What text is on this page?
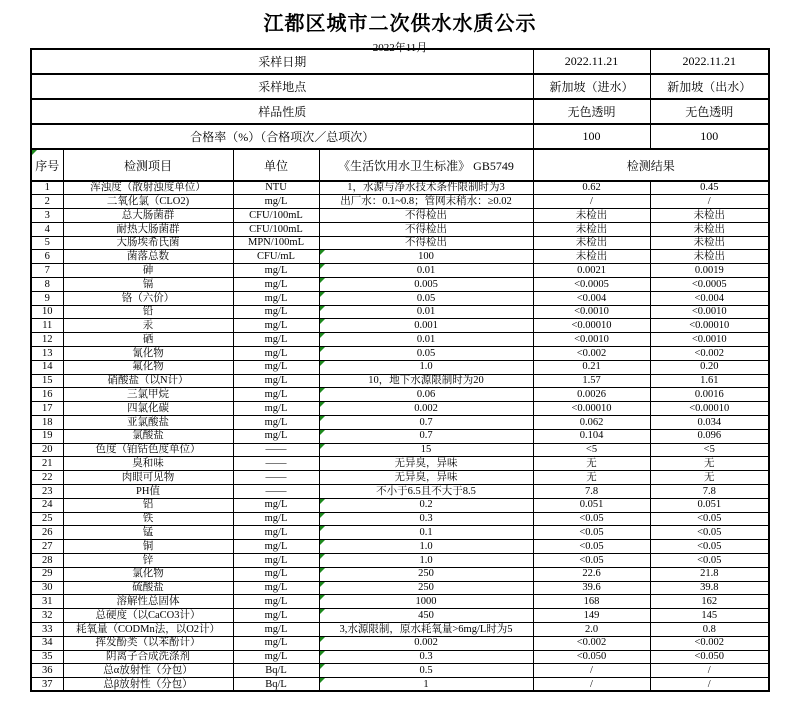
江都区城市二次供水水质公示
2022年11月
采样日期				2022.11.21	2022.11.21
采样地点				新加坡（进水）	新加坡（出水）
样品性质				无色透明	无色透明
合格率（%）（合格项次／总项次）				100	100

序号	检测项目	单位	《生活饮用水卫生标准》 GB5749	检测结果	
1	浑浊度（散射浊度单位）	NTU	1，水源与净水技术条件限制时为3	0.62	0.45
2	二氧化氯（CLO2)	mg/L	出厂水：0.1~0.8；管网末稍水：≥0.02	/	/
3	总大肠菌群	CFU/100mL	不得检出	未检出	未检出
4	耐热大肠菌群	CFU/100mL	不得检出	未检出	未检出
5	大肠埃希氏菌	MPN/100mL	不得检出	未检出	未检出
6	菌落总数	CFU/mL	100	未检出	未检出
7	砷	mg/L	0.01	0.0021	0.0019
8	镉	mg/L	0.005	<0.0005	<0.0005
9	铬（六价）	mg/L	0.05	<0.004	<0.004
10	铅	mg/L	0.01	<0.0010	<0.0010
11	汞	mg/L	0.001	<0.00010	<0.00010
12	硒	mg/L	0.01	<0.0010	<0.0010
13	氰化物	mg/L	0.05	<0.002	<0.002
14	氟化物	mg/L	1.0	0.21	0.20
15	硝酸盐（以N计）	mg/L	10，地下水源限制时为20	1.57	1.61
16	三氯甲烷	mg/L	0.06	0.0026	0.0016
17	四氯化碳	mg/L	0.002	<0.00010	<0.00010
18	亚氯酸盐	mg/L	0.7	0.062	0.034
19	氯酸盐	mg/L	0.7	0.104	0.096
20	色度（铂钴色度单位）	——	15	<5	<5
21	臭和味	——	无异臭，异味	无	无
22	肉眼可见物	——	无异臭，异味	无	无
23	PH值	——	不小于6.5且不大于8.5	7.8	7.8
24	铝	mg/L	0.2	0.051	0.051
25	铁	mg/L	0.3	<0.05	<0.05
26	锰	mg/L	0.1	<0.05	<0.05
27	铜	mg/L	1.0	<0.05	<0.05
28	锌	mg/L	1.0	<0.05	<0.05
29	氯化物	mg/L	250	22.6	21.8
30	硫酸盐	mg/L	250	39.6	39.8
31	溶解性总固体	mg/L	1000	168	162
32	总硬度（以CaCO3计）	mg/L	450	149	145
33	耗氧量（CODMn法，以O2计）	mg/L	3,水源限制，原水耗氧量>6mg/L时为5	2.0	0.8
34	挥发酚类（以苯酚计）	mg/L	0.002	<0.002	<0.002
35	阴离子合成洗涤剂	mg/L	0.3	<0.050	<0.050
36	总α放射性（分包）	Bq/L	0.5	/	/
37	总β放射性（分包）	Bq/L	1	/	/
